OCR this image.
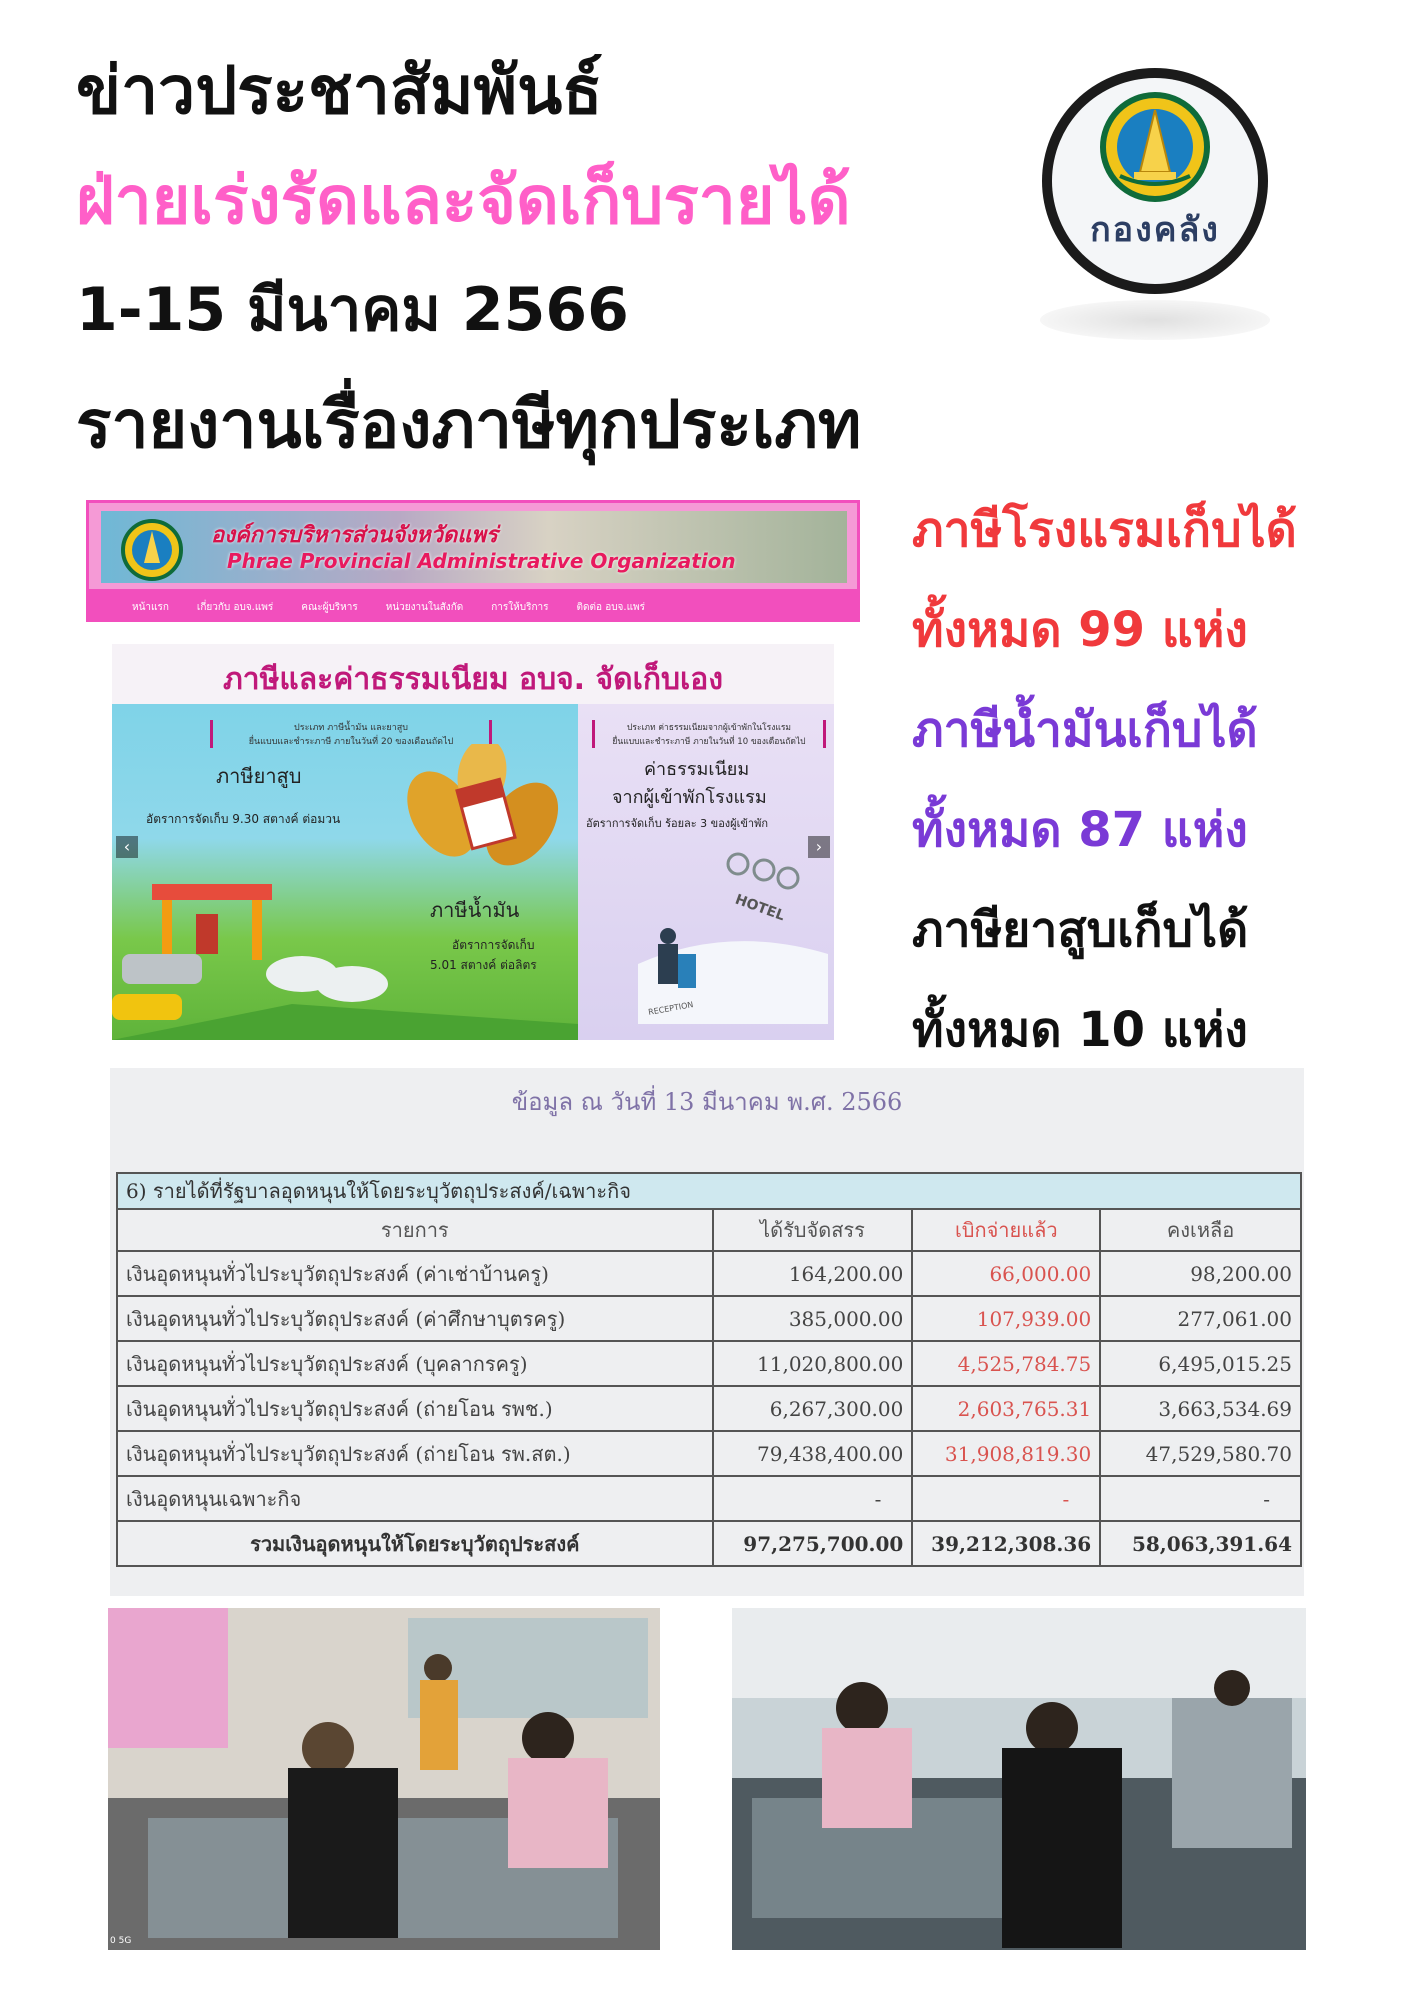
ข่าวประชาสัมพันธ์
ฝ่ายเร่งรัดและจัดเก็บรายได้
1-15 มีนาคม 2566
รายงานเรื่องภาษีทุกประเภท
กองคลัง
องค์การบริหารส่วนจังหวัดแพร่
Phrae Provincial Administrative Organization
หน้าแรก	เกี่ยวกับ อบจ.แพร่	คณะผู้บริหาร	หน่วยงานในสังกัด	การให้บริการ	ติดต่อ อบจ.แพร่
ภาษีและค่าธรรมเนียม อบจ. จัดเก็บเอง
ประเภท ภาษีน้ำมัน และยาสูบ
ยื่นแบบและชำระภาษี ภายในวันที่ 20 ของเดือนถัดไป
ภาษียาสูบ
อัตราการจัดเก็บ 9.30 สตางค์ ต่อมวน
ภาษีน้ำมัน
อัตราการจัดเก็บ
5.01 สตางค์ ต่อลิตร
ประเภท ค่าธรรมเนียมจากผู้เข้าพักในโรงแรม
ยื่นแบบและชำระภาษี ภายในวันที่ 10 ของเดือนถัดไป
ค่าธรรมเนียม
จากผู้เข้าพักโรงแรม
อัตราการจัดเก็บ ร้อยละ 3 ของผู้เข้าพัก
HOTEL
RECEPTION
‹	›
ภาษีโรงแรมเก็บได้
ทั้งหมด 99 แห่ง
ภาษีน้ำมันเก็บได้
ทั้งหมด 87 แห่ง
ภาษียาสูบเก็บได้
ทั้งหมด 10 แห่ง
ข้อมูล ณ วันที่ 13 มีนาคม พ.ศ. 2566
6) รายได้ที่รัฐบาลอุดหนุนให้โดยระบุวัตถุประสงค์/เฉพาะกิจ			
รายการ	ได้รับจัดสรร	เบิกจ่ายแล้ว	คงเหลือ
เงินอุดหนุนทั่วไประบุวัตถุประสงค์ (ค่าเช่าบ้านครู)	164,200.00	66,000.00	98,200.00
เงินอุดหนุนทั่วไประบุวัตถุประสงค์ (ค่าศึกษาบุตรครู)	385,000.00	107,939.00	277,061.00
เงินอุดหนุนทั่วไประบุวัตถุประสงค์ (บุคลากรครู)	11,020,800.00	4,525,784.75	6,495,015.25
เงินอุดหนุนทั่วไประบุวัตถุประสงค์ (ถ่ายโอน รพช.)	6,267,300.00	2,603,765.31	3,663,534.69
เงินอุดหนุนทั่วไประบุวัตถุประสงค์ (ถ่ายโอน รพ.สต.)	79,438,400.00	31,908,819.30	47,529,580.70
เงินอุดหนุนเฉพาะกิจ	-	-	-
รวมเงินอุดหนุนให้โดยระบุวัตถุประสงค์	97,275,700.00	39,212,308.36	58,063,391.64
0 5G
